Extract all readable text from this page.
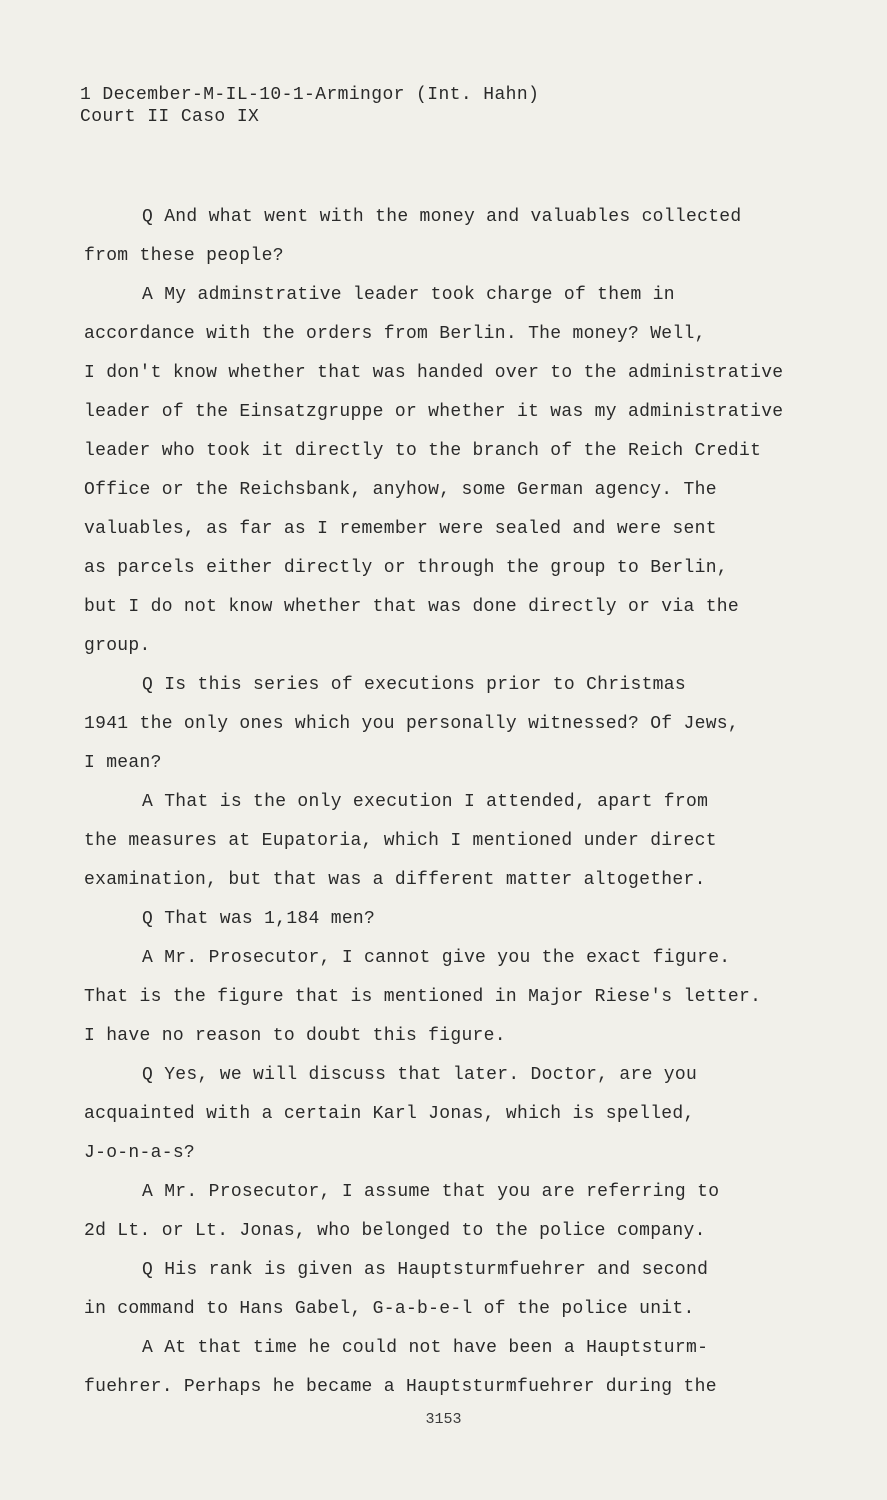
1 December-M-IL-10-1-Armingor (Int. Hahn)
Court II Caso IX
Q And what went with the money and valuables collected
from these people?
A My adminstrative leader took charge of them in
accordance with the orders from Berlin. The money? Well,
I don't know whether that was handed over to the administrative
leader of the Einsatzgruppe or whether it was my administrative
leader who took it directly to the branch of the Reich Credit
Office or the Reichsbank, anyhow, some German agency. The
valuables, as far as I remember were sealed and were sent
as parcels either directly or through the group to Berlin,
but I do not know whether that was done directly or via the
group.
Q Is this series of executions prior to Christmas
1941 the only ones which you personally witnessed? Of Jews,
I mean?
A That is the only execution I attended, apart from
the measures at Eupatoria, which I mentioned under direct
examination, but that was a different matter altogether.
Q That was 1,184 men?
A Mr. Prosecutor, I cannot give you the exact figure.
That is the figure that is mentioned in Major Riese's letter.
I have no reason to doubt this figure.
Q Yes, we will discuss that later. Doctor, are you
acquainted with a certain Karl Jonas, which is spelled,
J-o-n-a-s?
A Mr. Prosecutor, I assume that you are referring to
2d Lt. or Lt. Jonas, who belonged to the police company.
Q His rank is given as Hauptsturmfuehrer and second
in command to Hans Gabel, G-a-b-e-l of the police unit.
A At that time he could not have been a Hauptsturm-
fuehrer. Perhaps he became a Hauptsturmfuehrer during the
3153
